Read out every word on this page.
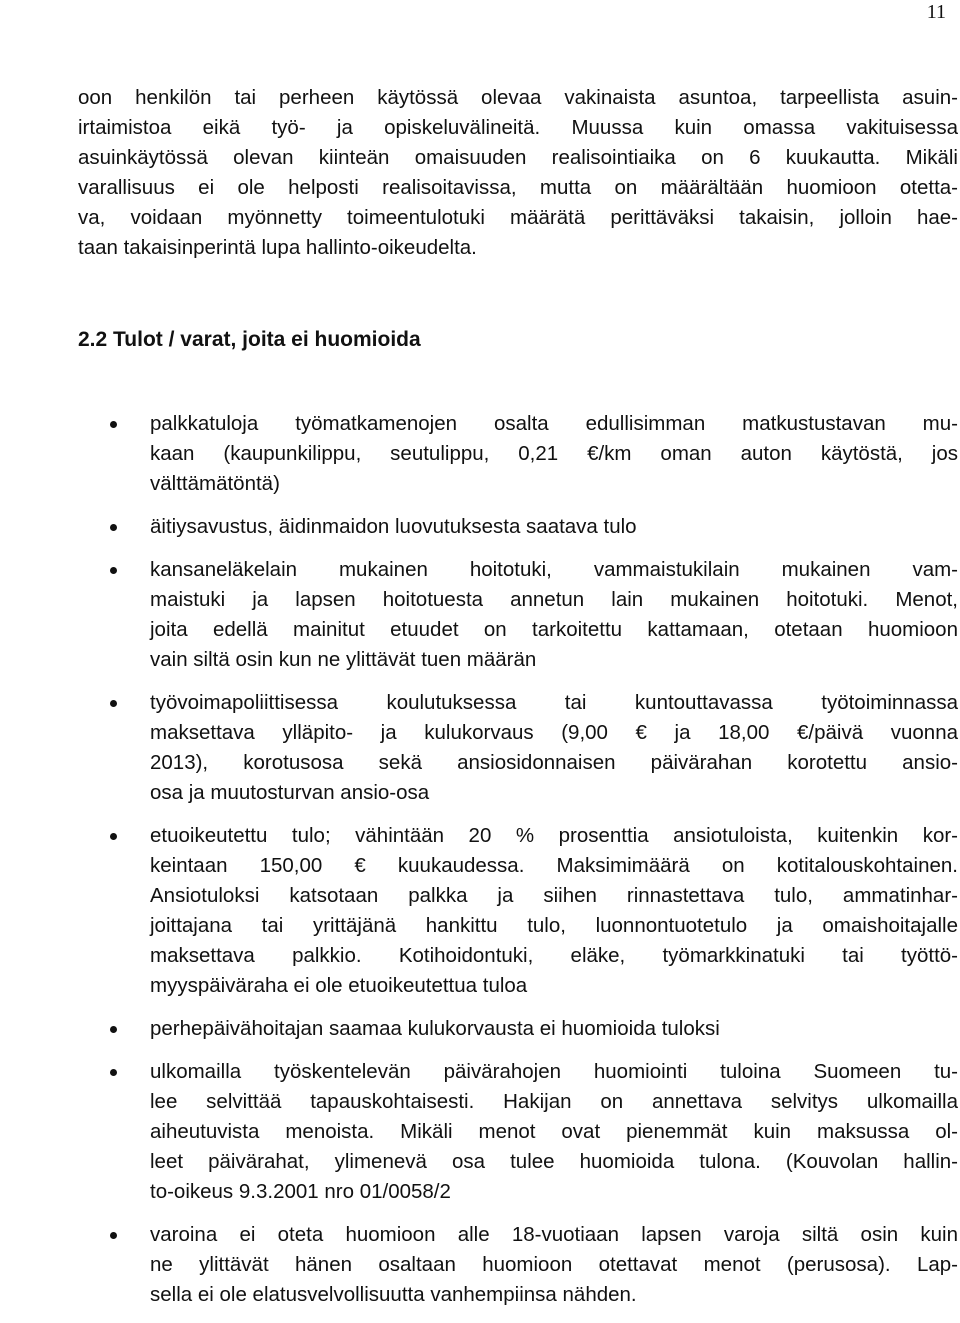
11
oon henkilön tai perheen käytössä olevaa vakinaista asuntoa, tarpeellista asuin-
irtaimistoa eikä työ- ja opiskeluvälineitä. Muussa kuin omassa vakituisessa
asuinkäytössä olevan kiinteän omaisuuden realisointiaika on 6 kuukautta. Mikäli
varallisuus ei ole helposti realisoitavissa, mutta on määrältään huomioon otetta-
va, voidaan myönnetty toimeentulotuki määrätä perittäväksi takaisin, jolloin hae-
taan takaisinperintä lupa hallinto-oikeudelta.
2.2 Tulot / varat, joita ei huomioida
palkkatuloja työmatkamenojen osalta edullisimman matkustustavan mu-
kaan (kaupunkilippu, seutulippu, 0,21 €/km oman auton käytöstä, jos
välttämätöntä)
äitiysavustus, äidinmaidon luovutuksesta saatava tulo
kansaneläkelain mukainen hoitotuki, vammaistukilain mukainen vam-
maistuki ja lapsen hoitotuesta annetun lain mukainen hoitotuki. Menot,
joita edellä mainitut etuudet on tarkoitettu kattamaan, otetaan huomioon
vain siltä osin kun ne ylittävät tuen määrän
työvoimapoliittisessa koulutuksessa tai kuntouttavassa työtoiminnassa
maksettava ylläpito- ja kulukorvaus (9,00 € ja 18,00 €/päivä vuonna
2013), korotusosa sekä ansiosidonnaisen päivärahan korotettu ansio-
osa ja muutosturvan ansio-osa
etuoikeutettu tulo; vähintään 20 % prosenttia ansiotuloista, kuitenkin kor-
keintaan 150,00 € kuukaudessa. Maksimimäärä on kotitalouskohtainen.
Ansiotuloksi katsotaan palkka ja siihen rinnastettava tulo, ammatinhar-
joittajana tai yrittäjänä hankittu tulo, luonnontuotetulo ja omaishoitajalle
maksettava palkkio. Kotihoidontuki, eläke, työmarkkinatuki tai työttö-
myyspäiväraha ei ole etuoikeutettua tuloa
perhepäivähoitajan saamaa kulukorvausta ei huomioida tuloksi
ulkomailla työskentelevän päivärahojen huomiointi tuloina Suomeen tu-
lee selvittää tapauskohtaisesti. Hakijan on annettava selvitys ulkomailla
aiheutuvista menoista. Mikäli menot ovat pienemmät kuin maksussa ol-
leet päivärahat, ylimenevä osa tulee huomioida tulona. (Kouvolan hallin-
to-oikeus 9.3.2001 nro 01/0058/2
varoina ei oteta huomioon alle 18-vuotiaan lapsen varoja siltä osin kuin
ne ylittävät hänen osaltaan huomioon otettavat menot (perusosa). Lap-
sella ei ole elatusvelvollisuutta vanhempiinsa nähden.
